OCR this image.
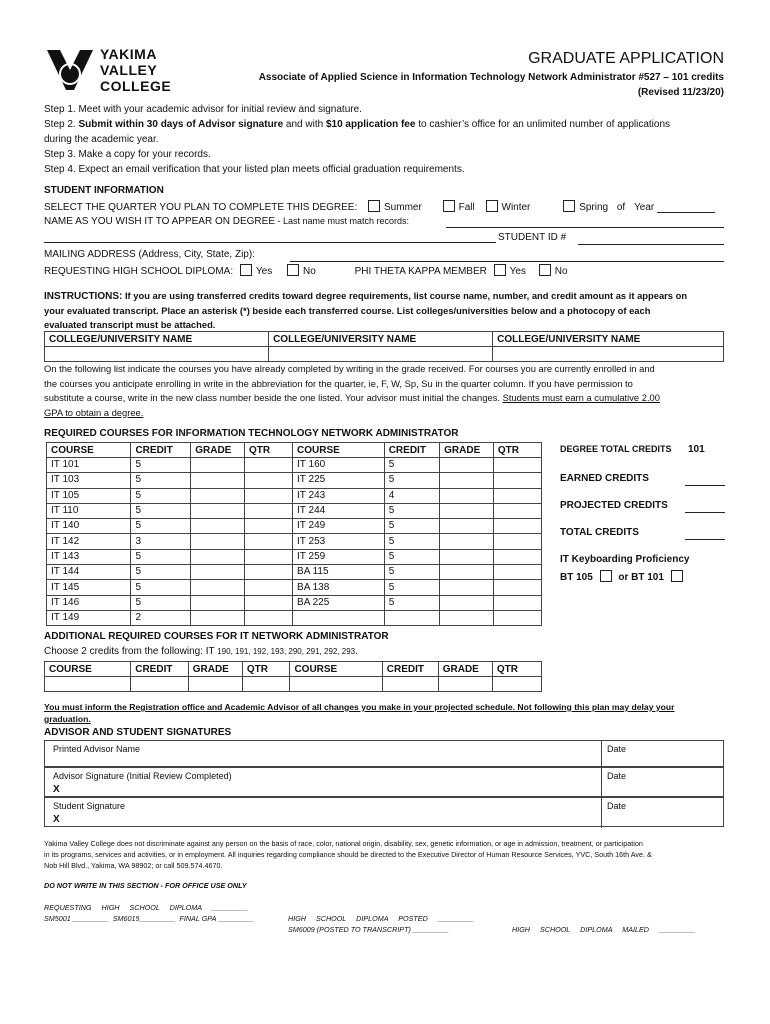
YAKIMA
VALLEY
COLLEGE
GRADUATE APPLICATION
Associate of Applied Science in Information Technology Network Administrator #527 – 101 credits
(Revised 11/23/20)
Step 1. Meet with your academic advisor for initial review and signature.
Step 2. Submit within 30 days of Advisor signature and with $10 application fee to cashier’s office for an unlimited number of applications
during the academic year.
Step 3. Make a copy for your records.
Step 4. Expect an email verification that your listed plan meets official graduation requirements.
STUDENT INFORMATION
SELECT THE QUARTER YOU PLAN TO COMPLETE THIS DEGREE:	Summer	Fall	Winter	Spring of Year
NAME AS YOU WISH IT TO APPEAR ON DEGREE - Last name must match records:
STUDENT ID #
MAILING ADDRESS (Address, City, State, Zip):
REQUESTING HIGH SCHOOL DIPLOMA: Yes	No	PHI THETA KAPPA MEMBER Yes	No
INSTRUCTIONS: If you are using transferred credits toward degree requirements, list course name, number, and credit amount as it appears on
your evaluated transcript. Place an asterisk (*) beside each transferred course. List colleges/universities below and a photocopy of each
evaluated transcript must be attached.
COLLEGE/UNIVERSITY NAME	COLLEGE/UNIVERSITY NAME	COLLEGE/UNIVERSITY NAME

On the following list indicate the courses you have already completed by writing in the grade received. For courses you are currently enrolled in and
the courses you anticipate enrolling in write in the abbreviation for the quarter, ie, F, W, Sp, Su in the quarter column. If you have permission to
substitute a course, write in the new class number beside the one listed. Your advisor must initial the changes. Students must earn a cumulative 2.00
GPA to obtain a degree.
REQUIRED COURSES FOR INFORMATION TECHNOLOGY NETWORK ADMINISTRATOR
COURSE	CREDIT	GRADE	QTR	COURSE	CREDIT	GRADE	QTR
IT 101	5			IT 160	5		
IT 103	5			IT 225	5		
IT 105	5			IT 243	4		
IT 110	5			IT 244	5		
IT 140	5			IT 249	5		
IT 142	3			IT 253	5		
IT 143	5			IT 259	5		
IT 144	5			BA 115	5		
IT 145	5			BA 138	5		
IT 146	5			BA 225	5		
IT 149	2						
DEGREE TOTAL CREDITS 101
EARNED CREDITS
PROJECTED CREDITS
TOTAL CREDITS
IT Keyboarding Proficiency
BT 105	or BT 101
ADDITIONAL REQUIRED COURSES FOR IT NETWORK ADMINISTRATOR
Choose 2 credits from the following: IT 190, 191, 192, 193, 290, 291, 292, 293.
COURSE	CREDIT	GRADE	QTR	COURSE	CREDIT	GRADE	QTR

You must inform the Registration office and Academic Advisor of all changes you make in your projected schedule. Not following this plan may delay your
graduation.
ADVISOR AND STUDENT SIGNATURES
Printed Advisor Name	Date
Advisor Signature (Initial Review Completed)
X
Date
Student Signature
X
Date
Yakima Valley College does not discriminate against any person on the basis of race, color, national origin, disability, sex, genetic information, or age in admission, treatment, or participation
in its programs, services and activities, or in employment. All inquiries regarding compliance should be directed to the Executive Director of Human Resource Services, YVC, South 16th Ave. &
Nob Hill Blvd., Yakima, WA 98902; or call 509.574.4670.
DO NOT WRITE IN THIS SECTION - FOR OFFICE USE ONLY

REQUESTING     HIGH     SCHOOL     DIPLOMA     _________

HIGH     SCHOOL     DIPLOMA     POSTED     _________

HIGH     SCHOOL     DIPLOMA     MAILED     _________

SM5001 _________  SM6015_________  FINAL GPA _________

SM6009 (POSTED TO TRANSCRIPT) _________
